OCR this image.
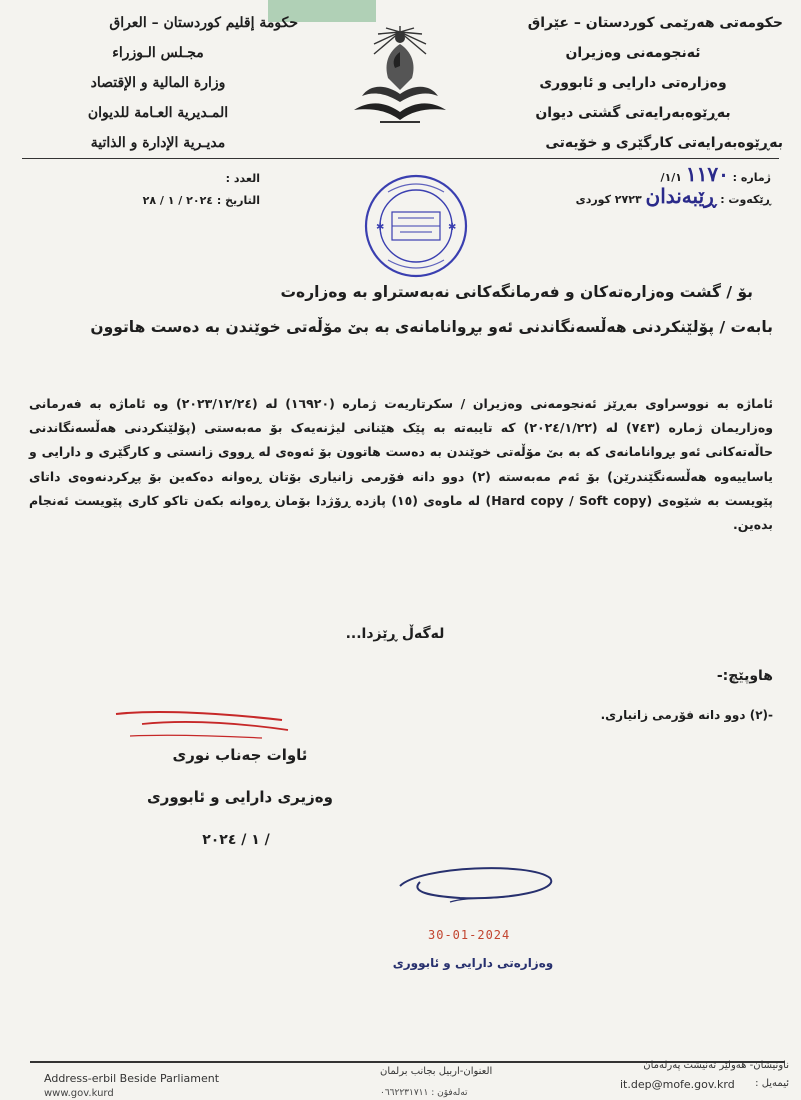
حکومەتی هەرێمی کوردستان – عێراق
ئەنجومەنی وەزیران
وەزارەتی دارایی و ئابووری
بەڕێوەبەرایەتی گشتی دیوان
بەڕێوەبەرایەتی کارگێری و خۆیەتی
حكومة إقليم كوردستان – العراق
مجـلس الـوزراء
وزارة المالية و الإقتصاد
المـديرية العـامة للديوان
مديـرية الإدارة و الذاتية
ژمارە : ۱۱۷۰ ۱/۱/
ڕێکەوت : ڕێبەندان ۲۷۲۳ کوردی
العدد :
التاريخ : ۲۰۲٤ / ۱ / ۲۸
✱	✱
بۆ / گشت وەزارەتەکان و فەرمانگەکانی نەبەستراو بە وەزارەت
بابەت / پۆلێنکردنی هەڵسەنگاندنی ئەو بڕوانامانەی بە بێ مۆڵەتی خوێندن بە دەست هاتوون

ئاماژە بە نووسراوی بەڕێز ئەنجومەنی وەزیران / سکرتاریەت ژمارە (۱٦۹۲۰) لە (۲۰۲۳/۱۲/۲٤) وە ئاماژە بە فەرمانی وەزاریمان ژمارە (۷٤۳) لە (۲۰۲٤/۱/۲۲) کە تایبەتە بە پێک هێنانی لیژنەیەک بۆ مەبەستی (پۆلێنکردنی هەڵسەنگاندنی حاڵەتەکانی ئەو بڕوانامانەی کە بە بێ مۆڵەتی خوێندن بە دەست هاتوون بۆ ئەوەی لە ڕووی زانستی و کارگێری و دارایی و یاساییەوە هەڵسەنگێندرێن) بۆ ئەم مەبەستە (۲) دوو دانە فۆرمی زانیاری بۆتان ڕەوانە دەکەین بۆ پڕکردنەوەی داتای پێویست بە شێوەی (Hard copy / Soft copy) لە ماوەی (۱٥) پازدە ڕۆژدا بۆمان ڕەوانە بکەن تاکو کاری پێویست ئەنجام بدەین.

لەگەڵ ڕێزدا...
هاوپێچ:-
-(۲) دوو دانە فۆرمی زانیاری.
ئاوات جەناب نوری
وەزیری دارایی و ئابووری
۲۰۲٤ / ۱ /
30-01-2024
وەزارەتی دارایی و ئابووری
Address-erbil Beside Parliament
www.gov.kurd
العنوان-اربیل بجانب برلمان
تەلەفۆن : ۰٦٦۲۲۳۱۷۱۱
ناونیشان- هەولێر تەنیشت پەرلەمان
ئیمەیل :
it.dep@mofe.gov.krd
